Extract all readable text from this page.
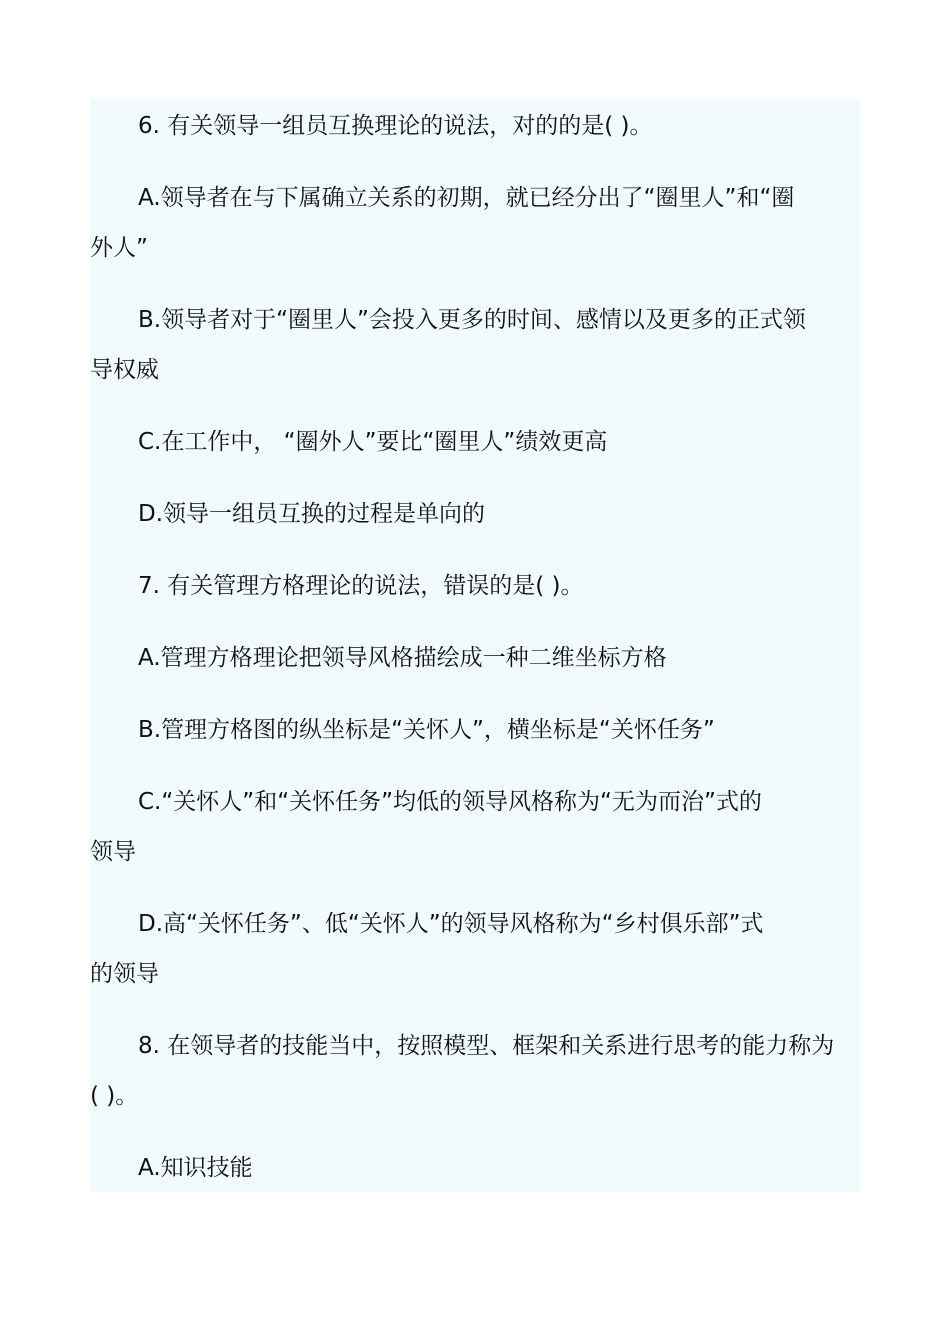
6. 有关领导一组员互换理论的说法，对的的是( )。

A.领导者在与下属确立关系的初期，就已经分出了“圈里人”和“圈

外人”

B.领导者对于“圈里人”会投入更多的时间、感情以及更多的正式领

导权威

C.在工作中， “圈外人”要比“圈里人”绩效更高

D.领导一组员互换的过程是单向的

7. 有关管理方格理论的说法，错误的是( )。

A.管理方格理论把领导风格描绘成一种二维坐标方格

B.管理方格图的纵坐标是“关怀人”，横坐标是“关怀任务”

C.“关怀人”和“关怀任务”均低的领导风格称为“无为而治”式的

领导

D.高“关怀任务”、低“关怀人”的领导风格称为“乡村俱乐部”式

的领导

8. 在领导者的技能当中，按照模型、框架和关系进行思考的能力称为

( )。

A.知识技能
